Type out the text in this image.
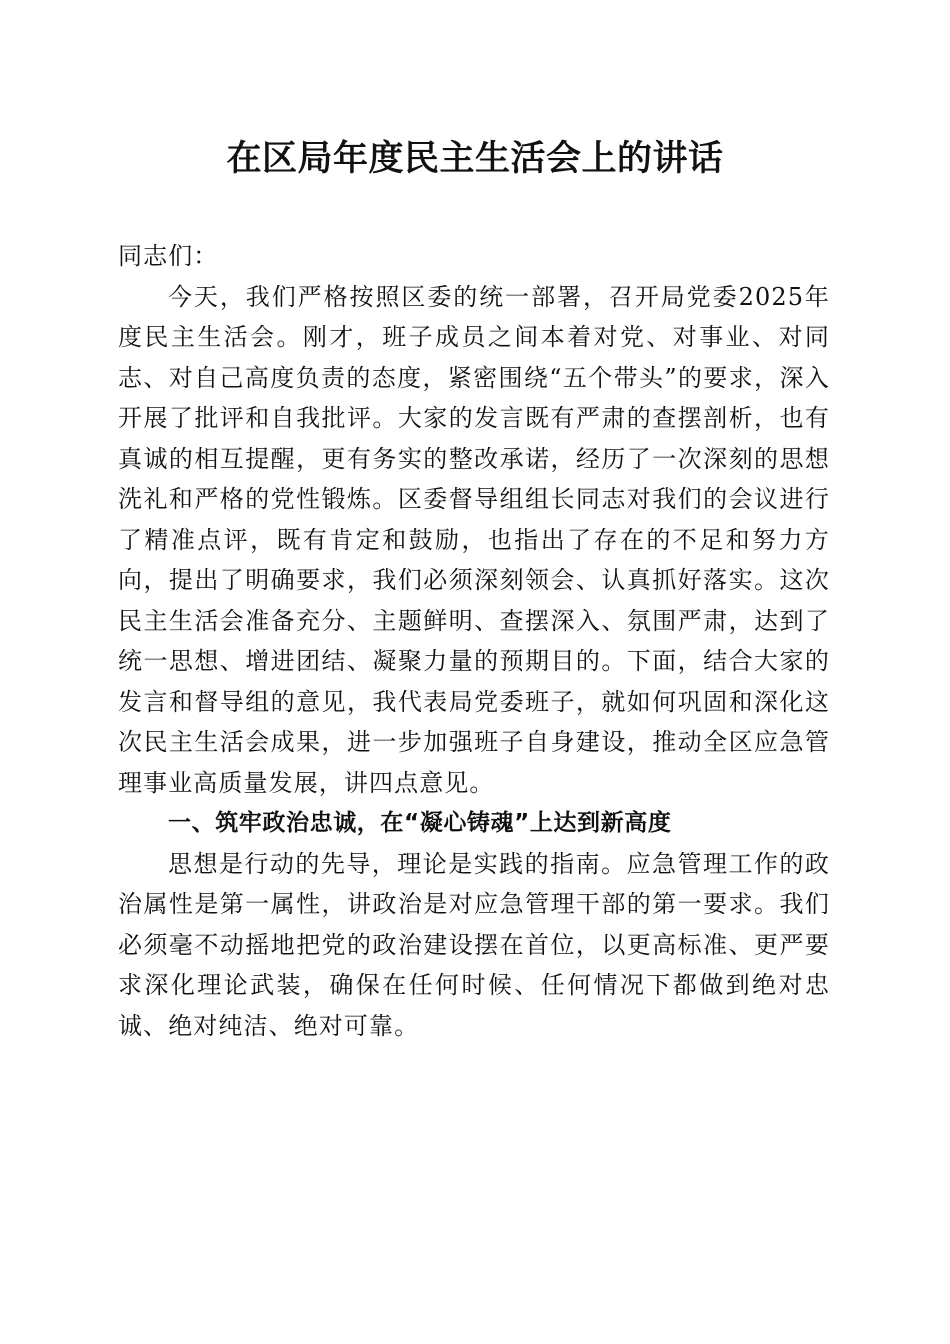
在区局年度民主生活会上的讲话

同志们：

今天，我们严格按照区委的统一部署，召开局党委2025年度民主生活会。刚才，班子成员之间本着对党、对事业、对同志、对自己高度负责的态度，紧密围绕“五个带头”的要求，深入开展了批评和自我批评。大家的发言既有严肃的查摆剖析，也有真诚的相互提醒，更有务实的整改承诺，经历了一次深刻的思想洗礼和严格的党性锻炼。区委督导组组长同志对我们的会议进行了精准点评，既有肯定和鼓励，也指出了存在的不足和努力方向，提出了明确要求，我们必须深刻领会、认真抓好落实。这次民主生活会准备充分、主题鲜明、查摆深入、氛围严肃，达到了统一思想、增进团结、凝聚力量的预期目的。下面，结合大家的发言和督导组的意见，我代表局党委班子，就如何巩固和深化这次民主生活会成果，进一步加强班子自身建设，推动全区应急管理事业高质量发展，讲四点意见。

一、筑牢政治忠诚，在“凝心铸魂”上达到新高度

思想是行动的先导，理论是实践的指南。应急管理工作的政治属性是第一属性，讲政治是对应急管理干部的第一要求。我们必须毫不动摇地把党的政治建设摆在首位，以更高标准、更严要求深化理论武装，确保在任何时候、任何情况下都做到绝对忠诚、绝对纯洁、绝对可靠。
